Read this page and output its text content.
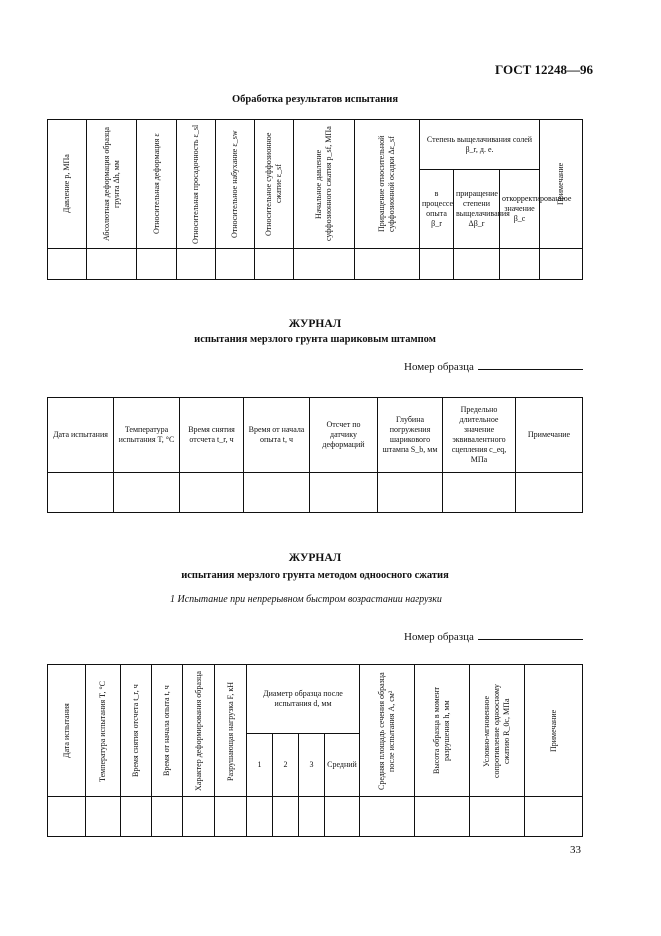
ГОСТ 12248—96
Обработка результатов испытания
Давление p, МПа	Абсолютная деформация образца грунта Δh, мм	Относительная деформация ε	Относительная просадочность ε_sl	Относительное набухание ε_sw	Относительное суффозионное сжатие ε_sf	Начальное давление суффозионного сжатия p_sf, МПа	Приращение относительной суффозионной осадки Δε_sf	Степень выщелачивания солей β_r, д. е.			Примечание

								в процессе опыта β_r	приращение степени выщелачивания Δβ_r	откорректированное значение β_c	

ЖУРНАЛ
испытания мерзлого грунта шариковым штампом
Номер образца
Дата испытания	Температура испытания T, °C	Время снятия отсчета t_r, ч	Время от начала опыта t, ч	Отсчет по датчику деформаций	Глубина погружения шарикового штампа S_b, мм	Предельно длительное значение эквивалентного сцепления c_eq, МПа	Примечание

ЖУРНАЛ
испытания мерзлого грунта методом одноосного сжатия
1 Испытание при непрерывном быстром возрастании нагрузки
Номер образца
Дата испытания	Температура испытания T, °C	Время снятия отсчета t_r, ч	Время от начала опыта t, ч	Характер деформирования образца	Разрушающая нагрузка F, кН	Диаметр образца после испытания d, мм				Средняя площадь сечения образца после испытания A, см²	Высота образца в момент разрушения h, мм	Условно-мгновенное сопротивление одноосному сжатию R_0c, МПа	Примечание

						1	2	3	Средний				

33
